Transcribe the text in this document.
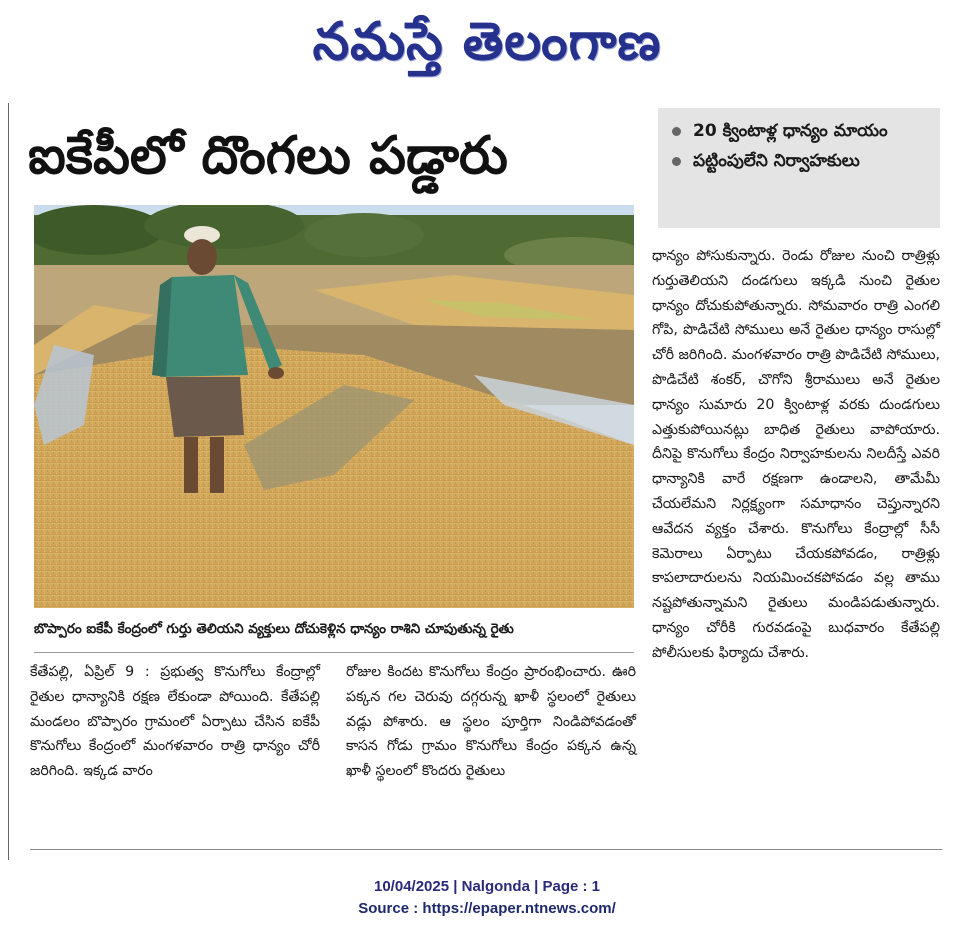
నమస్తే తెలంగాణ
ఐకేపీలో దొంగలు పడ్డారు	20 క్వింటాళ్ల ధాన్యం మాయం
పట్టింపులేని నిర్వాహకులు
బొప్పారం ఐకేపీ కేంద్రంలో గుర్తు తెలియని వ్యక్తులు దోచుకెళ్లిన ధాన్యం రాశిని చూపుతున్న రైతు

కేతేపల్లి, ఏప్రిల్ 9 : ప్రభుత్వ కొనుగోలు కేంద్రాల్లో రైతుల ధాన్యానికి రక్షణ లేకుండా పోయింది. కేతేపల్లి మండలం బొప్పారం గ్రామంలో ఏర్పాటు చేసిన ఐకేపీ కొనుగోలు కేంద్రంలో మంగళవారం రాత్రి ధాన్యం చోరీ జరిగింది. ఇక్కడ వారం

రోజుల కిందట కొనుగోలు కేంద్రం ప్రారంభించారు. ఊరి పక్కన గల చెరువు దగ్గరున్న ఖాళీ స్థలంలో రైతులు వడ్లు పోశారు. ఆ స్థలం పూర్తిగా నిండిపోవడంతో కాసన గోడు గ్రామం కొనుగోలు కేంద్రం పక్కన ఉన్న ఖాళీ స్థలంలో కొందరు రైతులు

ధాన్యం పోసుకున్నారు. రెండు రోజుల నుంచి రాత్రిళ్లు గుర్తుతెలియని దండగులు ఇక్కడి నుంచి రైతుల ధాన్యం దోచుకుపోతున్నారు. సోమవారం రాత్రి ఎంగలి గోపి, పొడిచేటి సోములు అనే రైతుల ధాన్యం రాసుల్లో చోరీ జరిగింది. మంగళవారం రాత్రి పొడిచేటి సోములు, పొడిచేటి శంకర్, చొగోని శ్రీరాములు అనే రైతుల ధాన్యం సుమారు 20 క్వింటాళ్ల వరకు దుండగులు ఎత్తుకుపోయినట్లు బాధిత రైతులు వాపోయారు. దీనిపై కొనుగోలు కేంద్రం నిర్వాహకులను నిలదీస్తే ఎవరి ధాన్యానికి వారే రక్షణగా ఉండాలని, తామేమీ చేయలేమని నిర్లక్ష్యంగా సమాధానం చెప్తున్నారని ఆవేదన వ్యక్తం చేశారు. కొనుగోలు కేంద్రాల్లో సీసీ కెమెరాలు ఏర్పాటు చేయకపోవడం, రాత్రిళ్లు కాపలాదారులను నియమించకపోవడం వల్ల తాము నష్టపోతున్నామని రైతులు మండిపడుతున్నారు. ధాన్యం చోరీకి గురవడంపై బుధవారం కేతేపల్లి పోలీసులకు ఫిర్యాదు చేశారు.

10/04/2025 | Nalgonda | Page : 1
Source : https://epaper.ntnews.com/
